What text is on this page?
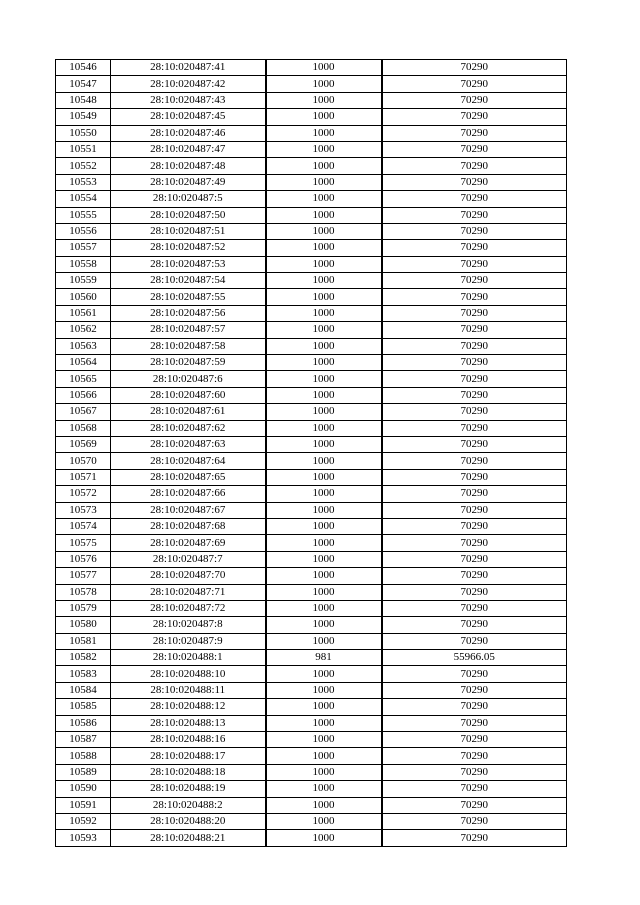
10546	28:10:020487:41	1000	70290
10547	28:10:020487:42	1000	70290
10548	28:10:020487:43	1000	70290
10549	28:10:020487:45	1000	70290
10550	28:10:020487:46	1000	70290
10551	28:10:020487:47	1000	70290
10552	28:10:020487:48	1000	70290
10553	28:10:020487:49	1000	70290
10554	28:10:020487:5	1000	70290
10555	28:10:020487:50	1000	70290
10556	28:10:020487:51	1000	70290
10557	28:10:020487:52	1000	70290
10558	28:10:020487:53	1000	70290
10559	28:10:020487:54	1000	70290
10560	28:10:020487:55	1000	70290
10561	28:10:020487:56	1000	70290
10562	28:10:020487:57	1000	70290
10563	28:10:020487:58	1000	70290
10564	28:10:020487:59	1000	70290
10565	28:10:020487:6	1000	70290
10566	28:10:020487:60	1000	70290
10567	28:10:020487:61	1000	70290
10568	28:10:020487:62	1000	70290
10569	28:10:020487:63	1000	70290
10570	28:10:020487:64	1000	70290
10571	28:10:020487:65	1000	70290
10572	28:10:020487:66	1000	70290
10573	28:10:020487:67	1000	70290
10574	28:10:020487:68	1000	70290
10575	28:10:020487:69	1000	70290
10576	28:10:020487:7	1000	70290
10577	28:10:020487:70	1000	70290
10578	28:10:020487:71	1000	70290
10579	28:10:020487:72	1000	70290
10580	28:10:020487:8	1000	70290
10581	28:10:020487:9	1000	70290
10582	28:10:020488:1	981	55966.05
10583	28:10:020488:10	1000	70290
10584	28:10:020488:11	1000	70290
10585	28:10:020488:12	1000	70290
10586	28:10:020488:13	1000	70290
10587	28:10:020488:16	1000	70290
10588	28:10:020488:17	1000	70290
10589	28:10:020488:18	1000	70290
10590	28:10:020488:19	1000	70290
10591	28:10:020488:2	1000	70290
10592	28:10:020488:20	1000	70290
10593	28:10:020488:21	1000	70290
